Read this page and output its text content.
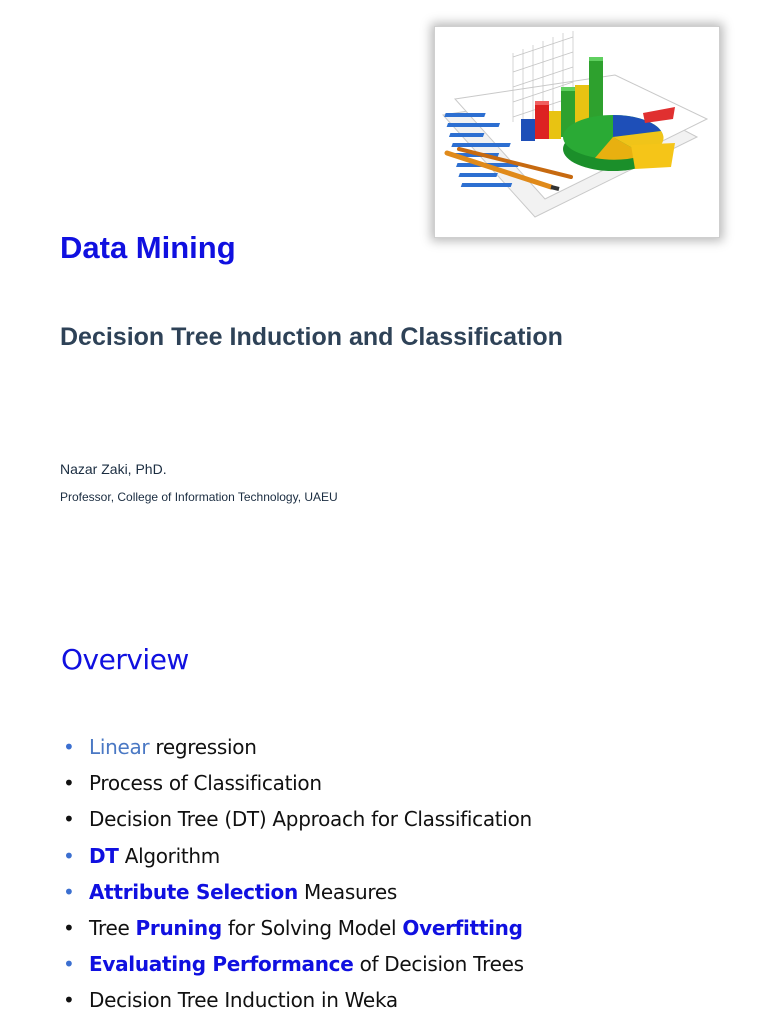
Data Mining
Decision Tree Induction and Classification
Nazar Zaki, PhD.
Professor, College of Information Technology, UAEU
Overview
• Linear regression
• Process of Classification
• Decision Tree (DT) Approach for Classification
• DT Algorithm
• Attribute Selection Measures
• Tree Pruning for Solving Model Overfitting
• Evaluating Performance of Decision Trees
• Decision Tree Induction in Weka
